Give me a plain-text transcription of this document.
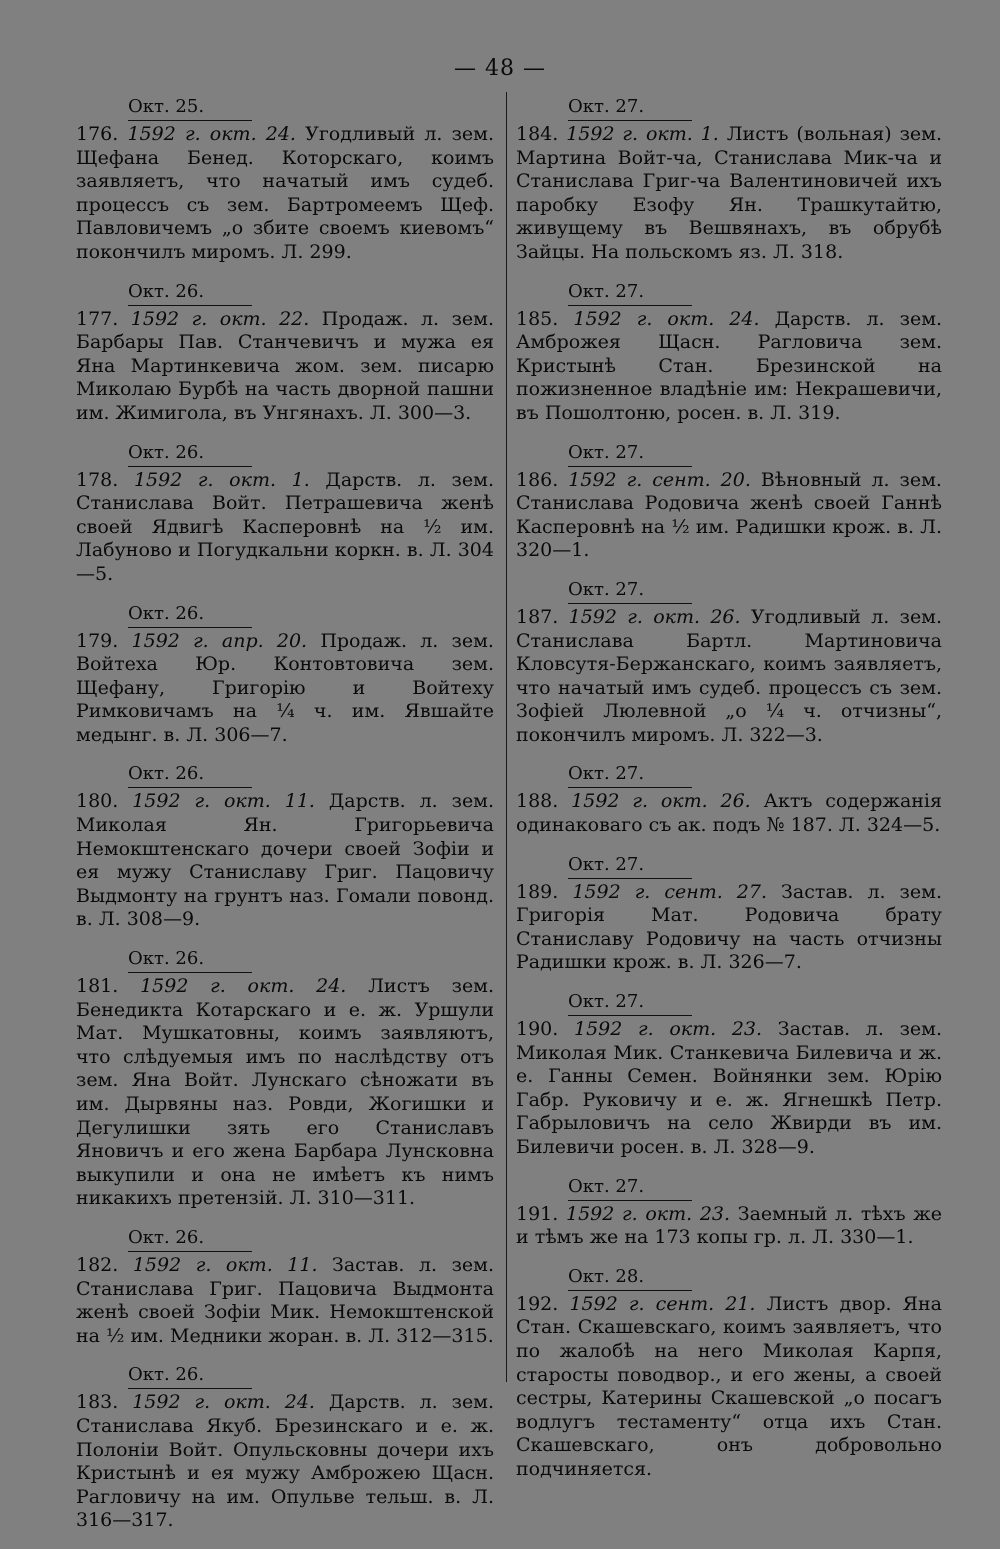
— 48 —
Окт. 25.

176. 1592 г. окт. 24. Угодливый л. зем. Щефана Бенед. Которскаго, коимъ заявляетъ, что начатый имъ судеб. процессъ съ зем. Бартромеемъ Щеф. Павловичемъ „о збите своемъ киевомъ“ покончилъ миромъ. Л. 299.

Окт. 26.

177. 1592 г. окт. 22. Продаж. л. зем. Барбары Пав. Станчевичъ и мужа ея Яна Мартинкевича жом. зем. писарю Миколаю Бурбѣ на часть дворной пашни им. Жимигола, въ Унгянахъ. Л. 300—3.

Окт. 26.

178. 1592 г. окт. 1. Дарств. л. зем. Станислава Войт. Петрашевича женѣ своей Ядвигѣ Касперовнѣ на ½ им. Лабуново и Погудкальни коркн. в. Л. 304—5.

Окт. 26.

179. 1592 г. апр. 20. Продаж. л. зем. Войтеха Юр. Контовтовича зем. Щефану, Григорію и Войтеху Римковичамъ на ¼ ч. им. Явшайте медынг. в. Л. 306—7.

Окт. 26.

180. 1592 г. окт. 11. Дарств. л. зем. Миколая Ян. Григорьевича Немокштенскаго дочери своей Зофіи и ея мужу Станиславу Григ. Пацовичу Выдмонту на грунтъ наз. Гомали повонд. в. Л. 308—9.

Окт. 26.

181. 1592 г. окт. 24. Листъ зем. Бенедикта Котарскаго и е. ж. Уршули Мат. Мушкатовны, коимъ заявляютъ, что слѣдуемыя имъ по наслѣдству отъ зем. Яна Войт. Лунскаго сѣножати въ им. Дырвяны наз. Ровди, Жогишки и Дегулишки зять его Станиславъ Яновичъ и его жена Барбара Лунсковна выкупили и она не имѣетъ къ нимъ никакихъ претензій. Л. 310—311.

Окт. 26.

182. 1592 г. окт. 11. Застав. л. зем. Станислава Григ. Пацовича Выдмонта женѣ своей Зофіи Мик. Немокштенской на ½ им. Медники жоран. в. Л. 312—315.

Окт. 26.

183. 1592 г. окт. 24. Дарств. л. зем. Станислава Якуб. Брезинскаго и е. ж. Полоніи Войт. Опульсковны дочери ихъ Кристынѣ и ея мужу Амброжею Щасн. Рагловичу на им. Опульвe тельш. в. Л. 316—317.

Окт. 27.

184. 1592 г. окт. 1. Листъ (вольная) зем. Мартина Войт-ча, Станислава Мик-ча и Станислава Григ-ча Валентиновичей ихъ паробку Езофу Ян. Трашкутайтю, живущему въ Вешвянахъ, въ обрубѣ Зайцы. На польскомъ яз. Л. 318.

Окт. 27.

185. 1592 г. окт. 24. Дарств. л. зем. Амброжея Щасн. Рагловича зем. Кристынѣ Стан. Брезинской на пожизненное владѣніе им: Некрашевичи, въ Пошолтоню, росен. в. Л. 319.

Окт. 27.

186. 1592 г. сент. 20. Вѣновный л. зем. Станислава Родовича женѣ своей Ганнѣ Касперовнѣ на ½ им. Радишки крож. в. Л. 320—1.

Окт. 27.

187. 1592 г. окт. 26. Угодливый л. зем. Станислава Бартл. Мартиновича Кловсутя-Бержанскаго, коимъ заявляетъ, что начатый имъ судеб. процессъ съ зем. Зофіей Люлевной „о ¼ ч. отчизны“, покончилъ миромъ. Л. 322—3.

Окт. 27.

188. 1592 г. окт. 26. Актъ содержанія одинаковаго съ ак. подъ № 187. Л. 324—5.

Окт. 27.

189. 1592 г. сент. 27. Застав. л. зем. Григорія Мат. Родовича брату Станиславу Родовичу на часть отчизны Радишки крож. в. Л. 326—7.

Окт. 27.

190. 1592 г. окт. 23. Застав. л. зем. Миколая Мик. Станкевича Билевича и ж. е. Ганны Семен. Войнянки зем. Юрію Габр. Руковичу и е. ж. Ягнешкѣ Петр. Габрыловичъ на село Жвирди въ им. Билевичи росен. в. Л. 328—9.

Окт. 27.

191. 1592 г. окт. 23. Заемный л. тѣхъ же и тѣмъ же на 173 копы гр. л. Л. 330—1.

Окт. 28.

192. 1592 г. сент. 21. Листъ двор. Яна Стан. Скашевскаго, коимъ заявляетъ, что по жалобѣ на него Миколая Карпя, старосты поводвор., и его жены, а своей сестры, Катерины Скашевской „о посагъ водлугъ тестаменту“ отца ихъ Стан. Скашевскаго, онъ добровольно подчиняется.
